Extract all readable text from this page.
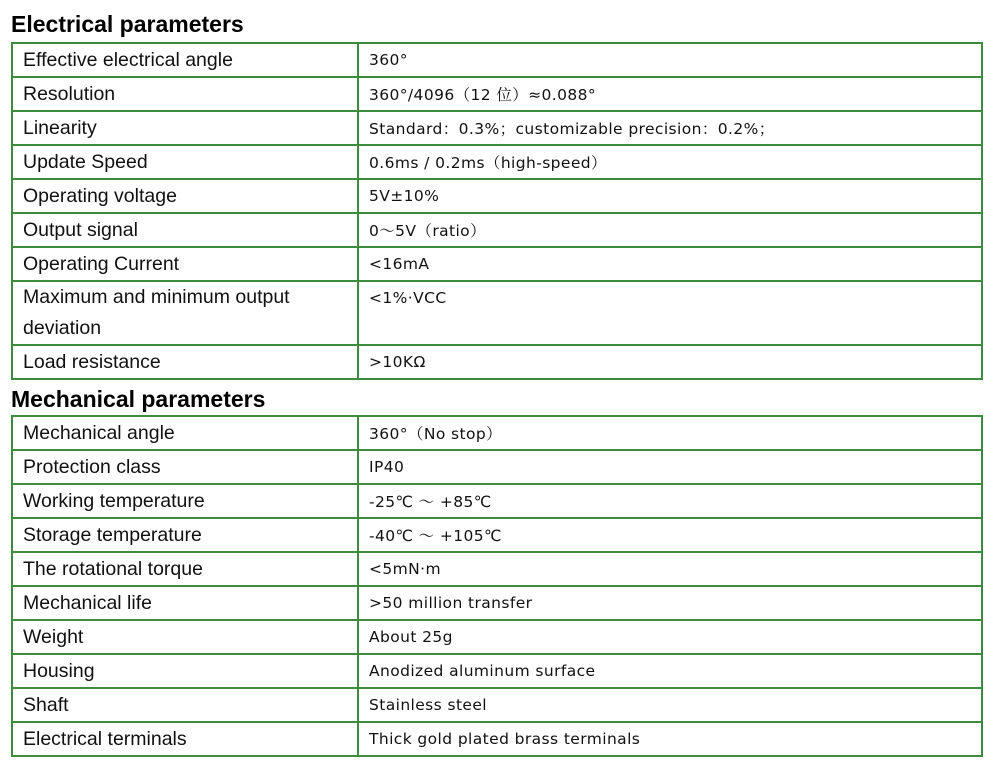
Electrical parameters
Effective electrical angle	360°
Resolution	360°/4096（12 位）≈0.088°
Linearity	Standard：0.3%；customizable precision：0.2%；
Update Speed	0.6ms / 0.2ms（high-speed）
Operating voltage	5V±10%
Output signal	0～5V（ratio）
Operating Current	<16mA
Maximum and minimum output deviation	<1%·VCC
Load resistance	>10KΩ
Mechanical parameters
Mechanical angle	360°（No stop）
Protection class	IP40
Working temperature	-25℃ ～ +85℃
Storage temperature	-40℃ ～ +105℃
The rotational torque	<5mN·m
Mechanical life	>50 million transfer
Weight	About 25g
Housing	Anodized aluminum surface
Shaft	Stainless steel
Electrical terminals	Thick gold plated brass terminals
